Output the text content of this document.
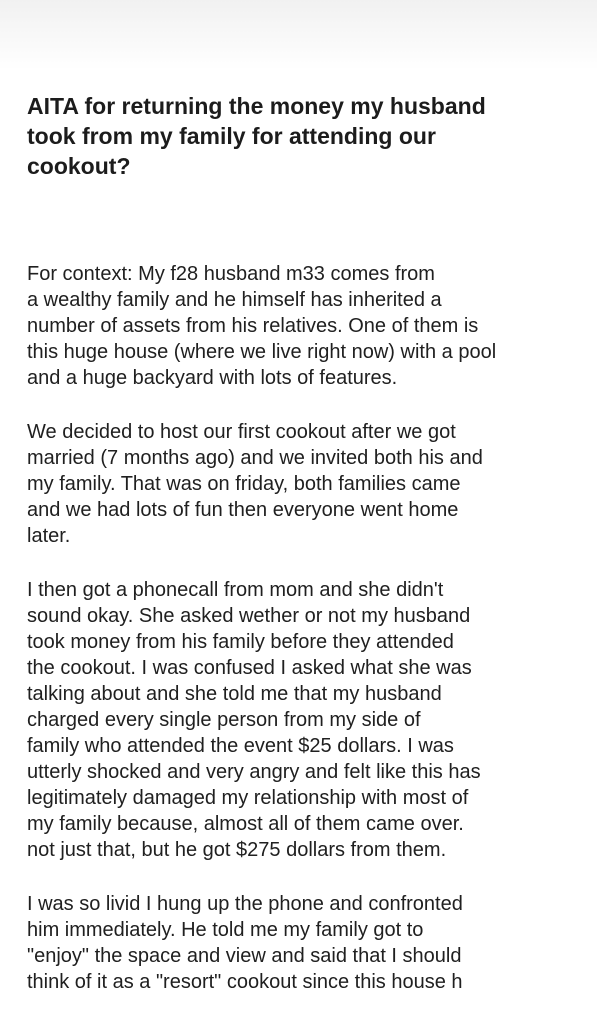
AITA for returning the money my husband
took from my family for attending our
cookout?

For context: My f28 husband m33 comes from
a wealthy family and he himself has inherited a
number of assets from his relatives. One of them is
this huge house (where we live right now) with a pool
and a huge backyard with lots of features.

We decided to host our first cookout after we got
married (7 months ago) and we invited both his and
my family. That was on friday, both families came
and we had lots of fun then everyone went home
later.

I then got a phonecall from mom and she didn't
sound okay. She asked wether or not my husband
took money from his family before they attended
the cookout. I was confused I asked what she was
talking about and she told me that my husband
charged every single person from my side of
family who attended the event $25 dollars. I was
utterly shocked and very angry and felt like this has
legitimately damaged my relationship with most of
my family because, almost all of them came over.
not just that, but he got $275 dollars from them.

I was so livid I hung up the phone and confronted
him immediately. He told me my family got to
"enjoy" the space and view and said that I should
think of it as a "resort" cookout since this house h
